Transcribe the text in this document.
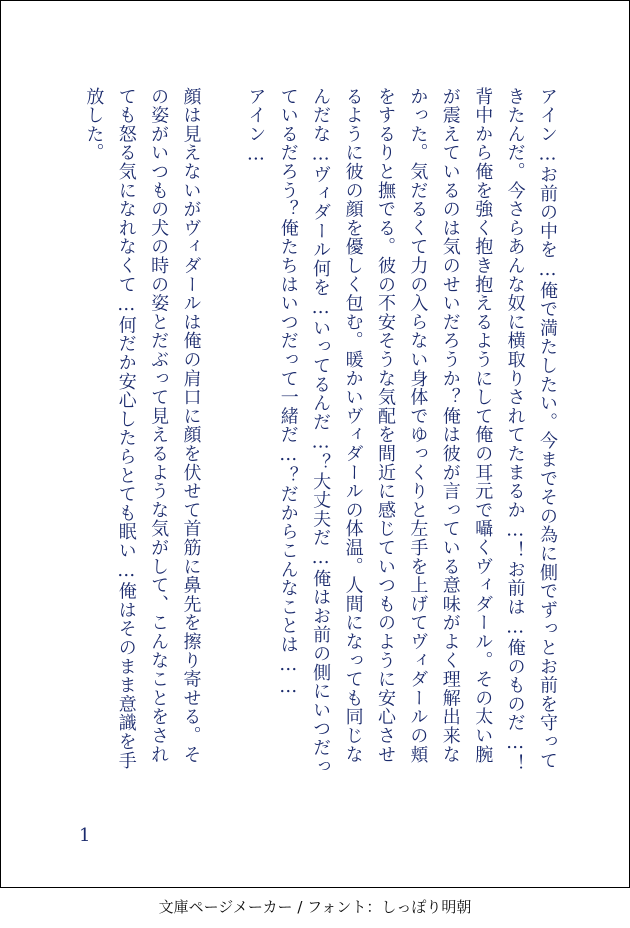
アイン…お前の中を…俺で満たしたい。今までその為に側でずっとお前を守って
きたんだ。今さらあんな奴に横取りされてたまるか…！お前は…俺のものだ…！
背中から俺を強く抱き抱えるようにして俺の耳元で囁くヴィダール。その太い腕
が震えているのは気のせいだろうか？俺は彼が言っている意味がよく理解出来な
かった。気だるくて力の入らない身体でゆっくりと左手を上げてヴィダールの頬
をするりと撫でる。彼の不安そうな気配を間近に感じていつものように安心させ
るように彼の顔を優しく包む。暖かいヴィダールの体温。人間になっても同じな
んだな…ヴィダール何を…いってるんだ…？大丈夫だ…俺はお前の側にいつだっ
ているだろう？俺たちはいつだって一緒だ…？だからこんなことは……
アイン…
顔は見えないがヴィダールは俺の肩口に顔を伏せて首筋に鼻先を擦り寄せる。そ
の姿がいつもの犬の時の姿とだぶって見えるような気がして、こんなことをされ
ても怒る気になれなくて…何だか安心したらとても眠い…俺はそのまま意識を手
放した。
1
文庫ページメーカー / フォント：しっぽり明朝
